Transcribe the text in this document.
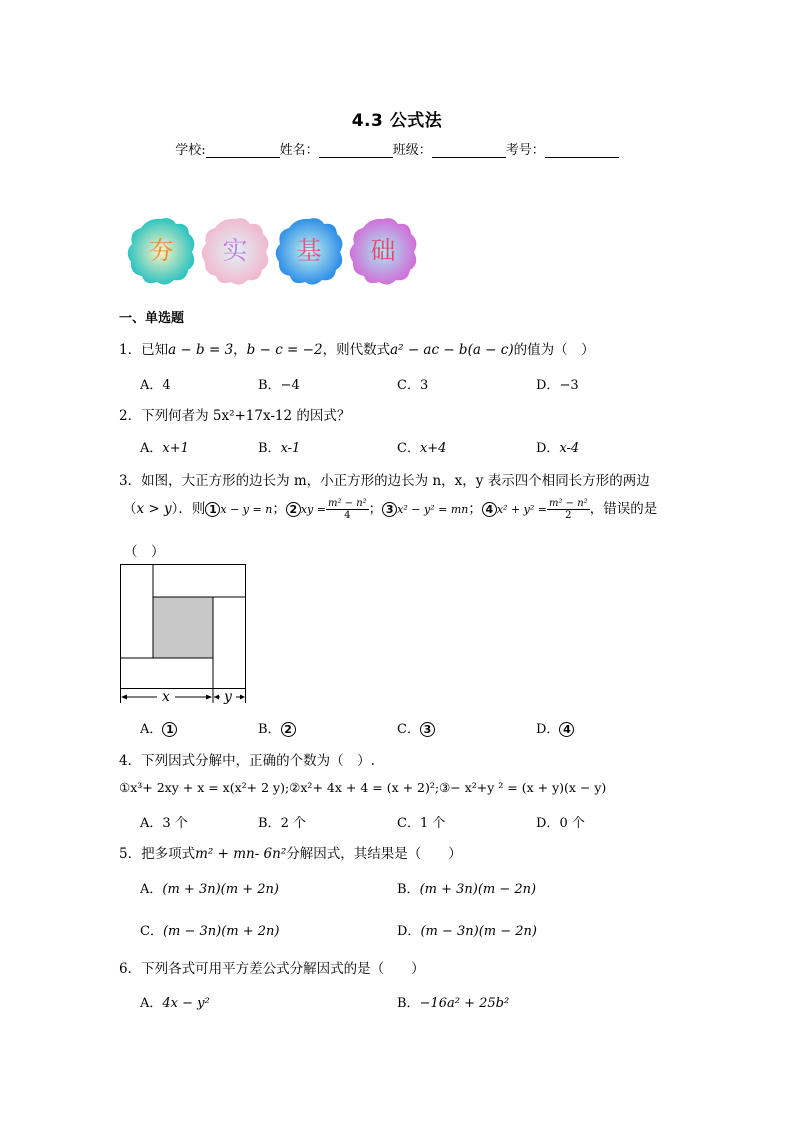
4.3 公式法
学校:	姓名：	班级：	考号：
夯	实	基	础
一、单选题
1．已知a − b = 3，b − c = −2，则代数式a² − ac − b(a − c)的值为（　）
A．4	B．−4	C．3	D．−3
2．下列何者为 5x²+17x-12 的因式？
A．x+1	B．x-1	C．x+4	D．x-4
3．如图，大正方形的边长为 m，小正方形的边长为 n，x，y 表示四个相同长方形的两边
（x > y）．则 1 x − y = n； 2 xy = $\frac{\text{m² − n²}}{4}$ ； 3 x² − y² = mn； 4 $x^2 + y^2 = \frac{\text{m² − n²}}{2}$ ，错误的是
（　）
x	y
A． 1	B． 2	C． 3	D． 4
4．下列因式分解中，正确的个数为（　）.
①x³+ 2xy + x = x(x²+ 2 y);②x²+ 4x + 4 = (x + 2)²;③− x²+y ² = (x + y)(x − y)
A．3 个	B．2 个	C．1 个	D．0 个
5．把多项式m² + mn- 6n²分解因式，其结果是（　　）
A．(m + 3n)(m + 2n)	B．(m + 3n)(m − 2n)
C．(m − 3n)(m + 2n)	D．(m − 3n)(m − 2n)
6．下列各式可用平方差公式分解因式的是（　　）
A．4x − y²	B．−16a² + 25b²
